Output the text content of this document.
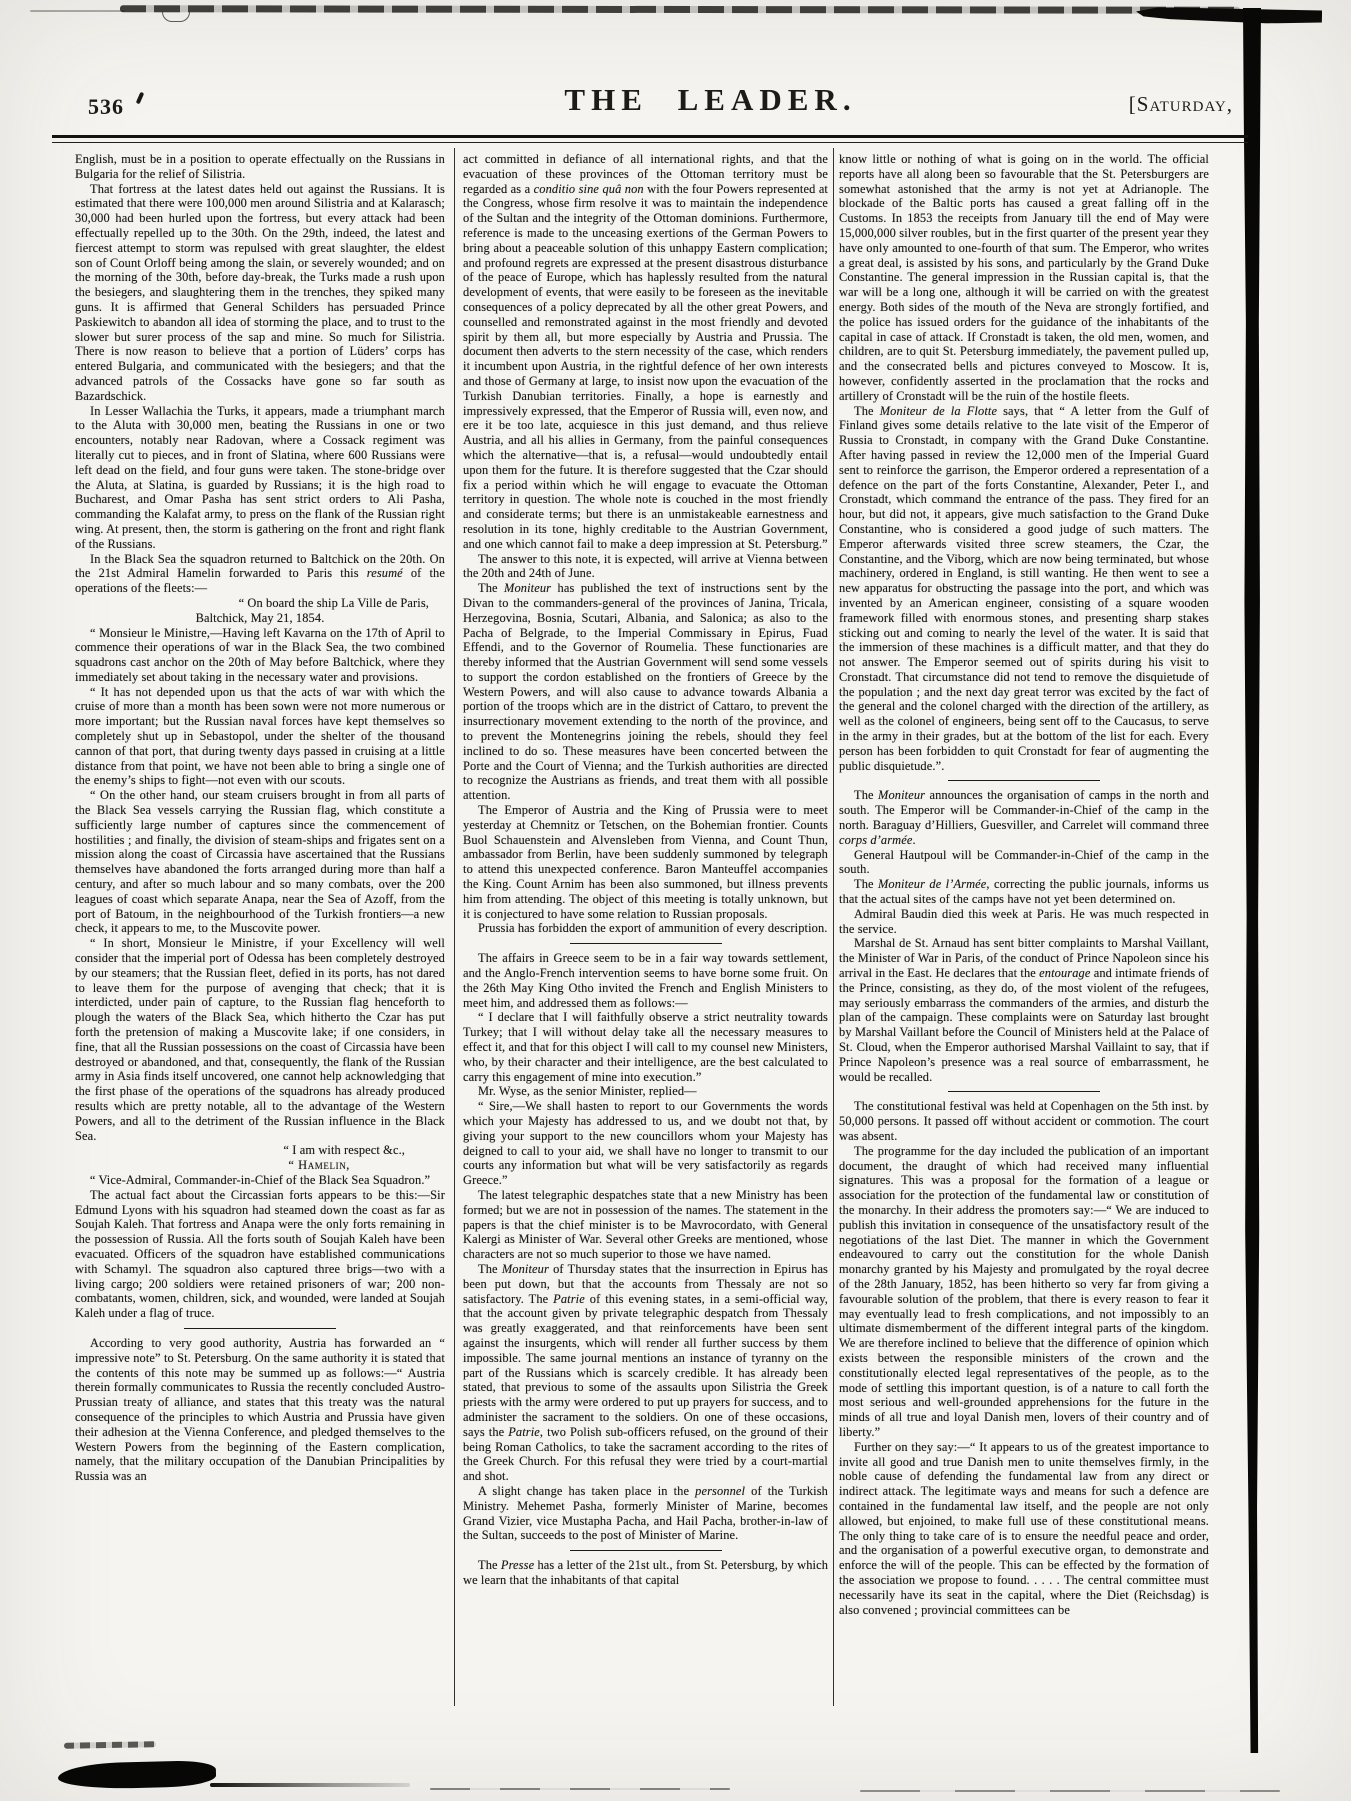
536	THE LEADER.	[Saturday,

English, must be in a position to operate effectually on the Russians in Bulgaria for the relief of Silistria.

That fortress at the latest dates held out against the Russians. It is estimated that there were 100,000 men around Silistria and at Kalarasch; 30,000 had been hurled upon the fortress, but every attack had been effectually repelled up to the 30th. On the 29th, indeed, the latest and fiercest attempt to storm was repulsed with great slaughter, the eldest son of Count Orloff being among the slain, or severely wounded; and on the morning of the 30th, before day-break, the Turks made a rush upon the besiegers, and slaughtering them in the trenches, they spiked many guns. It is affirmed that General Schilders has persuaded Prince Paskiewitch to abandon all idea of storming the place, and to trust to the slower but surer process of the sap and mine. So much for Silistria. There is now reason to believe that a portion of Lüders’ corps has entered Bulgaria, and communicated with the besiegers; and that the advanced patrols of the Cossacks have gone so far south as Bazardschick.

In Lesser Wallachia the Turks, it appears, made a triumphant march to the Aluta with 30,000 men, beating the Russians in one or two encounters, notably near Radovan, where a Cossack regiment was literally cut to pieces, and in front of Slatina, where 600 Russians were left dead on the field, and four guns were taken. The stone-bridge over the Aluta, at Slatina, is guarded by Russians; it is the high road to Bucharest, and Omar Pasha has sent strict orders to Ali Pasha, commanding the Kalafat army, to press on the flank of the Russian right wing. At present, then, the storm is gathering on the front and right flank of the Russians.

In the Black Sea the squadron returned to Baltchick on the 20th. On the 21st Admiral Hamelin forwarded to Paris this resumé of the operations of the fleets:—

“ On board the ship La Ville de Paris,

Baltchick, May 21, 1854.

“ Monsieur le Ministre,—Having left Kavarna on the 17th of April to commence their operations of war in the Black Sea, the two combined squadrons cast anchor on the 20th of May before Baltchick, where they immediately set about taking in the necessary water and provisions.

“ It has not depended upon us that the acts of war with which the cruise of more than a month has been sown were not more numerous or more important; but the Russian naval forces have kept themselves so completely shut up in Sebastopol, under the shelter of the thousand cannon of that port, that during twenty days passed in cruising at a little distance from that point, we have not been able to bring a single one of the enemy’s ships to fight—not even with our scouts.

“ On the other hand, our steam cruisers brought in from all parts of the Black Sea vessels carrying the Russian flag, which constitute a sufficiently large number of captures since the commencement of hostilities ; and finally, the division of steam-ships and frigates sent on a mission along the coast of Circassia have ascertained that the Russians themselves have abandoned the forts arranged during more than half a century, and after so much labour and so many combats, over the 200 leagues of coast which separate Anapa, near the Sea of Azoff, from the port of Batoum, in the neighbourhood of the Turkish frontiers—a new check, it appears to me, to the Muscovite power.

“ In short, Monsieur le Ministre, if your Excellency will well consider that the imperial port of Odessa has been completely destroyed by our steamers; that the Russian fleet, defied in its ports, has not dared to leave them for the purpose of avenging that check; that it is interdicted, under pain of capture, to the Russian flag henceforth to plough the waters of the Black Sea, which hitherto the Czar has put forth the pretension of making a Muscovite lake; if one considers, in fine, that all the Russian possessions on the coast of Circassia have been destroyed or abandoned, and that, consequently, the flank of the Russian army in Asia finds itself uncovered, one cannot help acknowledging that the first phase of the operations of the squadrons has already produced results which are pretty notable, all to the advantage of the Western Powers, and all to the detriment of the Russian influence in the Black Sea.

“ I am with respect &c.,

“ Hamelin,

“ Vice-Admiral, Commander-in-Chief of the Black Sea Squadron.”

The actual fact about the Circassian forts appears to be this:—Sir Edmund Lyons with his squadron had steamed down the coast as far as Soujah Kaleh. That fortress and Anapa were the only forts remaining in the possession of Russia. All the forts south of Soujah Kaleh have been evacuated. Officers of the squadron have established communications with Schamyl. The squadron also captured three brigs—two with a living cargo; 200 soldiers were retained prisoners of war; 200 non-combatants, women, children, sick, and wounded, were landed at Soujah Kaleh under a flag of truce.

According to very good authority, Austria has forwarded an “ impressive note” to St. Petersburg. On the same authority it is stated that the contents of this note may be summed up as follows:—“ Austria therein formally communicates to Russia the recently concluded Austro-Prussian treaty of alliance, and states that this treaty was the natural consequence of the principles to which Austria and Prussia have given their adhesion at the Vienna Conference, and pledged themselves to the Western Powers from the beginning of the Eastern complication, namely, that the military occupation of the Danubian Principalities by Russia was an

act committed in defiance of all international rights, and that the evacuation of these provinces of the Ottoman territory must be regarded as a conditio sine quâ non with the four Powers represented at the Congress, whose firm resolve it was to maintain the independence of the Sultan and the integrity of the Ottoman dominions. Furthermore, reference is made to the unceasing exertions of the German Powers to bring about a peaceable solution of this unhappy Eastern complication; and profound regrets are expressed at the present disastrous disturbance of the peace of Europe, which has haplessly resulted from the natural development of events, that were easily to be foreseen as the inevitable consequences of a policy deprecated by all the other great Powers, and counselled and remonstrated against in the most friendly and devoted spirit by them all, but more especially by Austria and Prussia. The document then adverts to the stern necessity of the case, which renders it incumbent upon Austria, in the rightful defence of her own interests and those of Germany at large, to insist now upon the evacuation of the Turkish Danubian territories. Finally, a hope is earnestly and impressively expressed, that the Emperor of Russia will, even now, and ere it be too late, acquiesce in this just demand, and thus relieve Austria, and all his allies in Germany, from the painful consequences which the alternative—that is, a refusal—would undoubtedly entail upon them for the future. It is therefore suggested that the Czar should fix a period within which he will engage to evacuate the Ottoman territory in question. The whole note is couched in the most friendly and considerate terms; but there is an unmistakeable earnestness and resolution in its tone, highly creditable to the Austrian Government, and one which cannot fail to make a deep impression at St. Petersburg.”

The answer to this note, it is expected, will arrive at Vienna between the 20th and 24th of June.

The Moniteur has published the text of instructions sent by the Divan to the commanders-general of the provinces of Janina, Tricala, Herzegovina, Bosnia, Scutari, Albania, and Salonica; as also to the Pacha of Belgrade, to the Imperial Commissary in Epirus, Fuad Effendi, and to the Governor of Roumelia. These functionaries are thereby informed that the Austrian Government will send some vessels to support the cordon established on the frontiers of Greece by the Western Powers, and will also cause to advance towards Albania a portion of the troops which are in the district of Cattaro, to prevent the insurrectionary movement extending to the north of the province, and to prevent the Montenegrins joining the rebels, should they feel inclined to do so. These measures have been concerted between the Porte and the Court of Vienna; and the Turkish authorities are directed to recognize the Austrians as friends, and treat them with all possible attention.

The Emperor of Austria and the King of Prussia were to meet yesterday at Chemnitz or Tetschen, on the Bohemian frontier. Counts Buol Schauenstein and Alvensleben from Vienna, and Count Thun, ambassador from Berlin, have been suddenly summoned by telegraph to attend this unexpected conference. Baron Manteuffel accompanies the King. Count Arnim has been also summoned, but illness prevents him from attending. The object of this meeting is totally unknown, but it is conjectured to have some relation to Russian proposals.

Prussia has forbidden the export of ammunition of every description.

The affairs in Greece seem to be in a fair way towards settlement, and the Anglo-French intervention seems to have borne some fruit. On the 26th May King Otho invited the French and English Ministers to meet him, and addressed them as follows:—

“ I declare that I will faithfully observe a strict neutrality towards Turkey; that I will without delay take all the necessary measures to effect it, and that for this object I will call to my counsel new Ministers, who, by their character and their intelligence, are the best calculated to carry this engagement of mine into execution.”

Mr. Wyse, as the senior Minister, replied—

“ Sire,—We shall hasten to report to our Governments the words which your Majesty has addressed to us, and we doubt not that, by giving your support to the new councillors whom your Majesty has deigned to call to your aid, we shall have no longer to transmit to our courts any information but what will be very satisfactorily as regards Greece.”

The latest telegraphic despatches state that a new Ministry has been formed; but we are not in possession of the names. The statement in the papers is that the chief minister is to be Mavrocordato, with General Kalergi as Minister of War. Several other Greeks are mentioned, whose characters are not so much superior to those we have named.

The Moniteur of Thursday states that the insurrection in Epirus has been put down, but that the accounts from Thessaly are not so satisfactory. The Patrie of this evening states, in a semi-official way, that the account given by private telegraphic despatch from Thessaly was greatly exaggerated, and that reinforcements have been sent against the insurgents, which will render all further success by them impossible. The same journal mentions an instance of tyranny on the part of the Russians which is scarcely credible. It has already been stated, that previous to some of the assaults upon Silistria the Greek priests with the army were ordered to put up prayers for success, and to administer the sacrament to the soldiers. On one of these occasions, says the Patrie, two Polish sub-officers refused, on the ground of their being Roman Catholics, to take the sacrament according to the rites of the Greek Church. For this refusal they were tried by a court-martial and shot.

A slight change has taken place in the personnel of the Turkish Ministry. Mehemet Pasha, formerly Minister of Marine, becomes Grand Vizier, vice Mustapha Pacha, and Hail Pacha, brother-in-law of the Sultan, succeeds to the post of Minister of Marine.

The Presse has a letter of the 21st ult., from St. Petersburg, by which we learn that the inhabitants of that capital

know little or nothing of what is going on in the world. The official reports have all along been so favourable that the St. Petersburgers are somewhat astonished that the army is not yet at Adrianople. The blockade of the Baltic ports has caused a great falling off in the Customs. In 1853 the receipts from January till the end of May were 15,000,000 silver roubles, but in the first quarter of the present year they have only amounted to one-fourth of that sum. The Emperor, who writes a great deal, is assisted by his sons, and particularly by the Grand Duke Constantine. The general impression in the Russian capital is, that the war will be a long one, although it will be carried on with the greatest energy. Both sides of the mouth of the Neva are strongly fortified, and the police has issued orders for the guidance of the inhabitants of the capital in case of attack. If Cronstadt is taken, the old men, women, and children, are to quit St. Petersburg immediately, the pavement pulled up, and the consecrated bells and pictures conveyed to Moscow. It is, however, confidently asserted in the proclamation that the rocks and artillery of Cronstadt will be the ruin of the hostile fleets.

The Moniteur de la Flotte says, that “ A letter from the Gulf of Finland gives some details relative to the late visit of the Emperor of Russia to Cronstadt, in company with the Grand Duke Constantine. After having passed in review the 12,000 men of the Imperial Guard sent to reinforce the garrison, the Emperor ordered a representation of a defence on the part of the forts Constantine, Alexander, Peter I., and Cronstadt, which command the entrance of the pass. They fired for an hour, but did not, it appears, give much satisfaction to the Grand Duke Constantine, who is considered a good judge of such matters. The Emperor afterwards visited three screw steamers, the Czar, the Constantine, and the Viborg, which are now being terminated, but whose machinery, ordered in England, is still wanting. He then went to see a new apparatus for obstructing the passage into the port, and which was invented by an American engineer, consisting of a square wooden framework filled with enormous stones, and presenting sharp stakes sticking out and coming to nearly the level of the water. It is said that the immersion of these machines is a difficult matter, and that they do not answer. The Emperor seemed out of spirits during his visit to Cronstadt. That circumstance did not tend to remove the disquietude of the population ; and the next day great terror was excited by the fact of the general and the colonel charged with the direction of the artillery, as well as the colonel of engineers, being sent off to the Caucasus, to serve in the army in their grades, but at the bottom of the list for each. Every person has been forbidden to quit Cronstadt for fear of augmenting the public disquietude.”.

The Moniteur announces the organisation of camps in the north and south. The Emperor will be Commander-in-Chief of the camp in the north. Baraguay d’Hilliers, Guesviller, and Carrelet will command three corps d’armée.

General Hautpoul will be Commander-in-Chief of the camp in the south.

The Moniteur de l’Armée, correcting the public journals, informs us that the actual sites of the camps have not yet been determined on.

Admiral Baudin died this week at Paris. He was much respected in the service.

Marshal de St. Arnaud has sent bitter complaints to Marshal Vaillant, the Minister of War in Paris, of the conduct of Prince Napoleon since his arrival in the East. He declares that the entourage and intimate friends of the Prince, consisting, as they do, of the most violent of the refugees, may seriously embarrass the commanders of the armies, and disturb the plan of the campaign. These complaints were on Saturday last brought by Marshal Vaillant before the Council of Ministers held at the Palace of St. Cloud, when the Emperor authorised Marshal Vaillaint to say, that if Prince Napoleon’s presence was a real source of embarrassment, he would be recalled.

The constitutional festival was held at Copenhagen on the 5th inst. by 50,000 persons. It passed off without accident or commotion. The court was absent.

The programme for the day included the publication of an important document, the draught of which had received many influential signatures. This was a proposal for the formation of a league or association for the protection of the fundamental law or constitution of the monarchy. In their address the promoters say:—“ We are induced to publish this invitation in consequence of the unsatisfactory result of the negotiations of the last Diet. The manner in which the Government endeavoured to carry out the constitution for the whole Danish monarchy granted by his Majesty and promulgated by the royal decree of the 28th January, 1852, has been hitherto so very far from giving a favourable solution of the problem, that there is every reason to fear it may eventually lead to fresh complications, and not impossibly to an ultimate dismemberment of the different integral parts of the kingdom. We are therefore inclined to believe that the difference of opinion which exists between the responsible ministers of the crown and the constitutionally elected legal representatives of the people, as to the mode of settling this important question, is of a nature to call forth the most serious and well-grounded apprehensions for the future in the minds of all true and loyal Danish men, lovers of their country and of liberty.”

Further on they say:—“ It appears to us of the greatest importance to invite all good and true Danish men to unite themselves firmly, in the noble cause of defending the fundamental law from any direct or indirect attack. The legitimate ways and means for such a defence are contained in the fundamental law itself, and the people are not only allowed, but enjoined, to make full use of these constitutional means. The only thing to take care of is to ensure the needful peace and order, and the organisation of a powerful executive organ, to demonstrate and enforce the will of the people. This can be effected by the formation of the association we propose to found. . . . . The central committee must necessarily have its seat in the capital, where the Diet (Reichsdag) is also convened ; provincial committees can be
